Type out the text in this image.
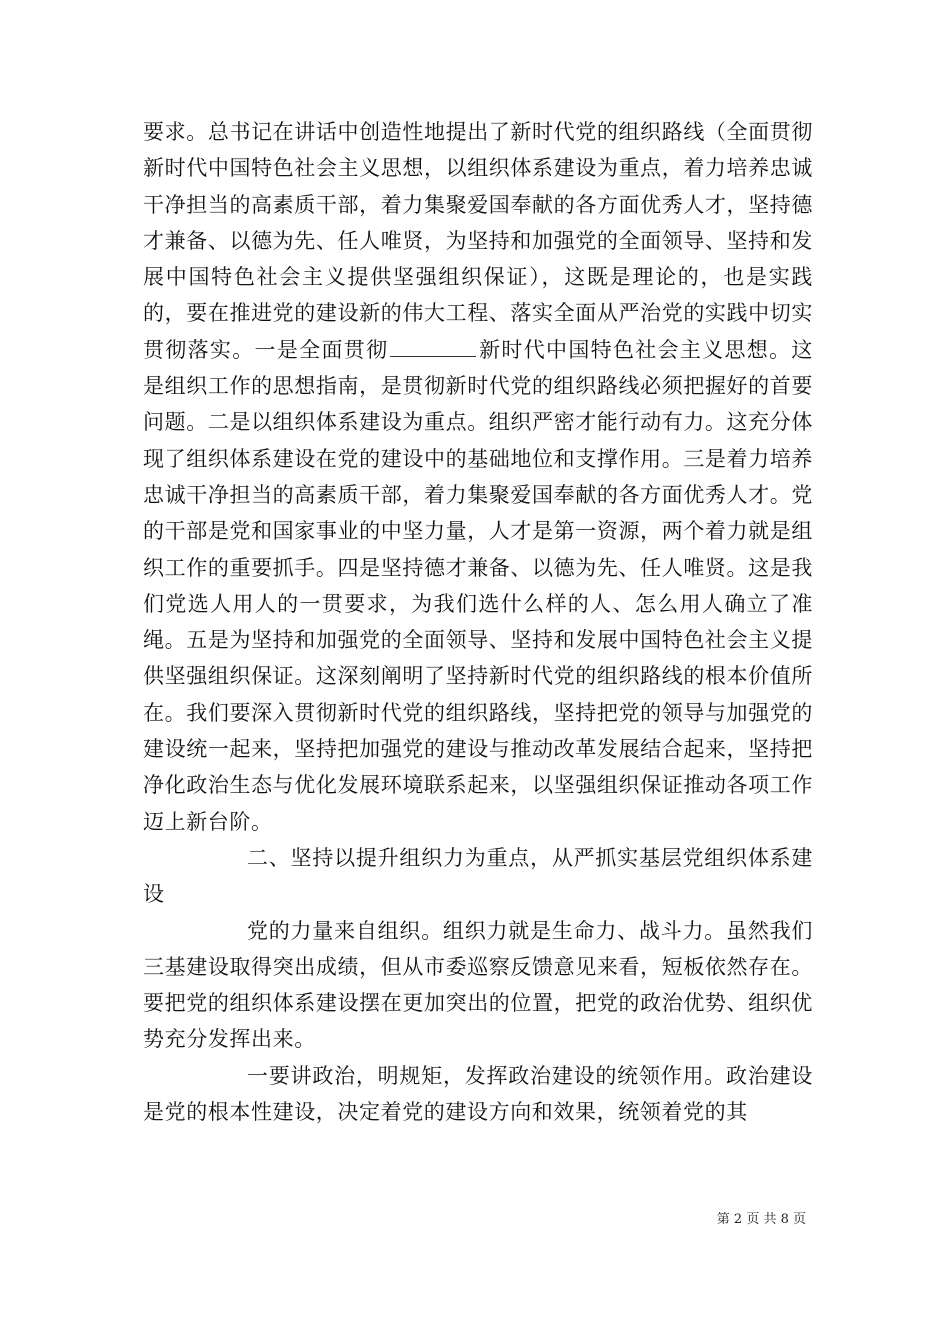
要求。总书记在讲话中创造性地提出了新时代党的组织路线（全面贯彻新时代中国特色社会主义思想，以组织体系建设为重点，着力培养忠诚干净担当的高素质干部，着力集聚爱国奉献的各方面优秀人才，坚持德才兼备、以德为先、任人唯贤，为坚持和加强党的全面领导、坚持和发展中国特色社会主义提供坚强组织保证），这既是理论的，也是实践的，要在推进党的建设新的伟大工程、落实全面从严治党的实践中切实贯彻落实。一是全面贯彻	新时代中国特色社会主义思想。这是组织工作的思想指南，是贯彻新时代党的组织路线必须把握好的首要问题。二是以组织体系建设为重点。组织严密才能行动有力。这充分体现了组织体系建设在党的建设中的基础地位和支撑作用。三是着力培养忠诚干净担当的高素质干部，着力集聚爱国奉献的各方面优秀人才。党的干部是党和国家事业的中坚力量，人才是第一资源，两个着力就是组织工作的重要抓手。四是坚持德才兼备、以德为先、任人唯贤。这是我们党选人用人的一贯要求，为我们选什么样的人、怎么用人确立了准绳。五是为坚持和加强党的全面领导、坚持和发展中国特色社会主义提供坚强组织保证。这深刻阐明了坚持新时代党的组织路线的根本价值所在。我们要深入贯彻新时代党的组织路线，坚持把党的领导与加强党的建设统一起来，坚持把加强党的建设与推动改革发展结合起来，坚持把净化政治生态与优化发展环境联系起来，以坚强组织保证推动各项工作迈上新台阶。

二、坚持以提升组织力为重点，从严抓实基层党组织体系建设

党的力量来自组织。组织力就是生命力、战斗力。虽然我们三基建设取得突出成绩，但从市委巡察反馈意见来看，短板依然存在。要把党的组织体系建设摆在更加突出的位置，把党的政治优势、组织优势充分发挥出来。

一要讲政治，明规矩，发挥政治建设的统领作用。政治建设是党的根本性建设，决定着党的建设方向和效果，统领着党的其

第 2 页 共 8 页
